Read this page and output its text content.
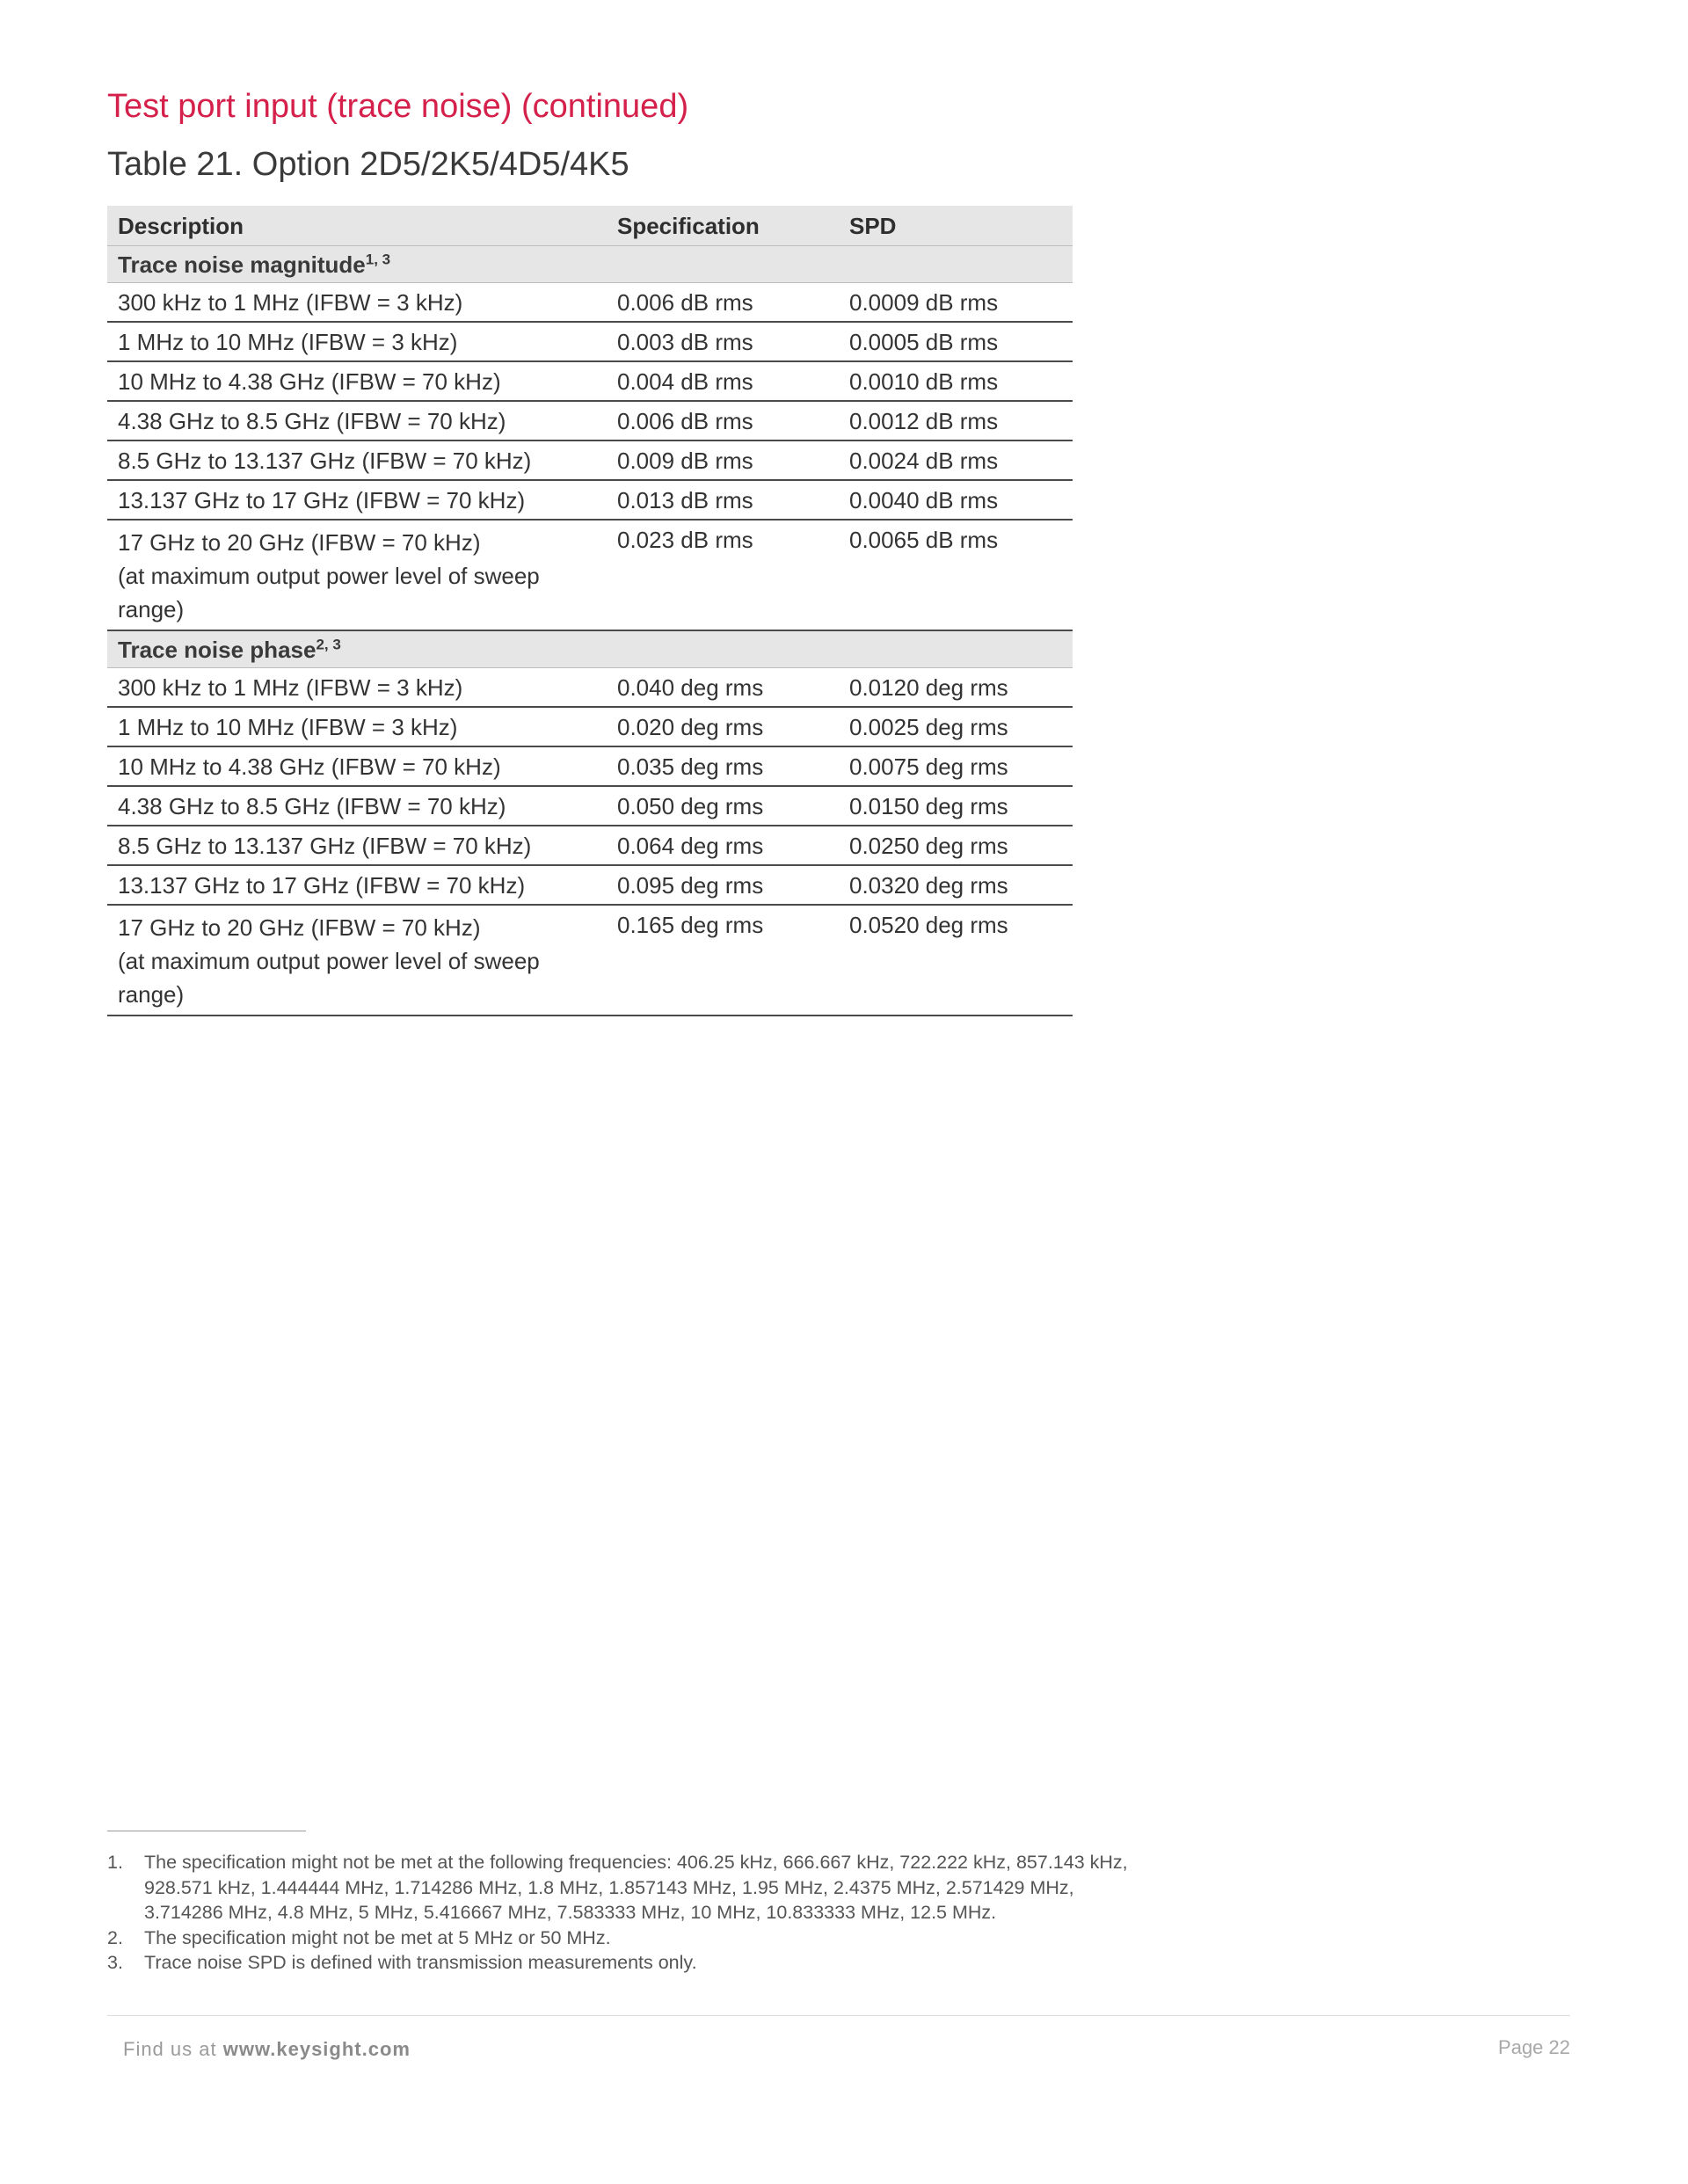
Test port input (trace noise) (continued)
Table 21. Option 2D5/2K5/4D5/4K5
Description	Specification	SPD
Trace noise magnitude$^{1, 3}$
300 kHz to 1 MHz (IFBW = 3 kHz)	0.006 dB rms	0.0009 dB rms
1 MHz to 10 MHz (IFBW = 3 kHz)	0.003 dB rms	0.0005 dB rms
10 MHz to 4.38 GHz (IFBW = 70 kHz)	0.004 dB rms	0.0010 dB rms
4.38 GHz to 8.5 GHz (IFBW = 70 kHz)	0.006 dB rms	0.0012 dB rms
8.5 GHz to 13.137 GHz (IFBW = 70 kHz)	0.009 dB rms	0.0024 dB rms
13.137 GHz to 17 GHz (IFBW = 70 kHz)	0.013 dB rms	0.0040 dB rms

17 GHz to 20 GHz (IFBW = 70 kHz)
(at maximum output power level of sweep range)	0.023 dB rms	0.0065 dB rms
Trace noise phase$^{2, 3}$
300 kHz to 1 MHz (IFBW = 3 kHz)	0.040 deg rms	0.0120 deg rms
1 MHz to 10 MHz (IFBW = 3 kHz)	0.020 deg rms	0.0025 deg rms
10 MHz to 4.38 GHz (IFBW = 70 kHz)	0.035 deg rms	0.0075 deg rms
4.38 GHz to 8.5 GHz (IFBW = 70 kHz)	0.050 deg rms	0.0150 deg rms
8.5 GHz to 13.137 GHz (IFBW = 70 kHz)	0.064 deg rms	0.0250 deg rms
13.137 GHz to 17 GHz (IFBW = 70 kHz)	0.095 deg rms	0.0320 deg rms

17 GHz to 20 GHz (IFBW = 70 kHz)
(at maximum output power level of sweep range)	0.165 deg rms	0.0520 deg rms
1.	The specification might not be met at the following frequencies: 406.25 kHz, 666.667 kHz, 722.222 kHz, 857.143 kHz,
928.571 kHz, 1.444444 MHz, 1.714286 MHz, 1.8 MHz, 1.857143 MHz, 1.95 MHz, 2.4375 MHz, 2.571429 MHz,
3.714286 MHz, 4.8 MHz, 5 MHz, 5.416667 MHz, 7.583333 MHz, 10 MHz, 10.833333 MHz, 12.5 MHz.
2.	The specification might not be met at 5 MHz or 50 MHz.
3.	Trace noise SPD is defined with transmission measurements only.
Find us at www.keysight.com	Page 22
